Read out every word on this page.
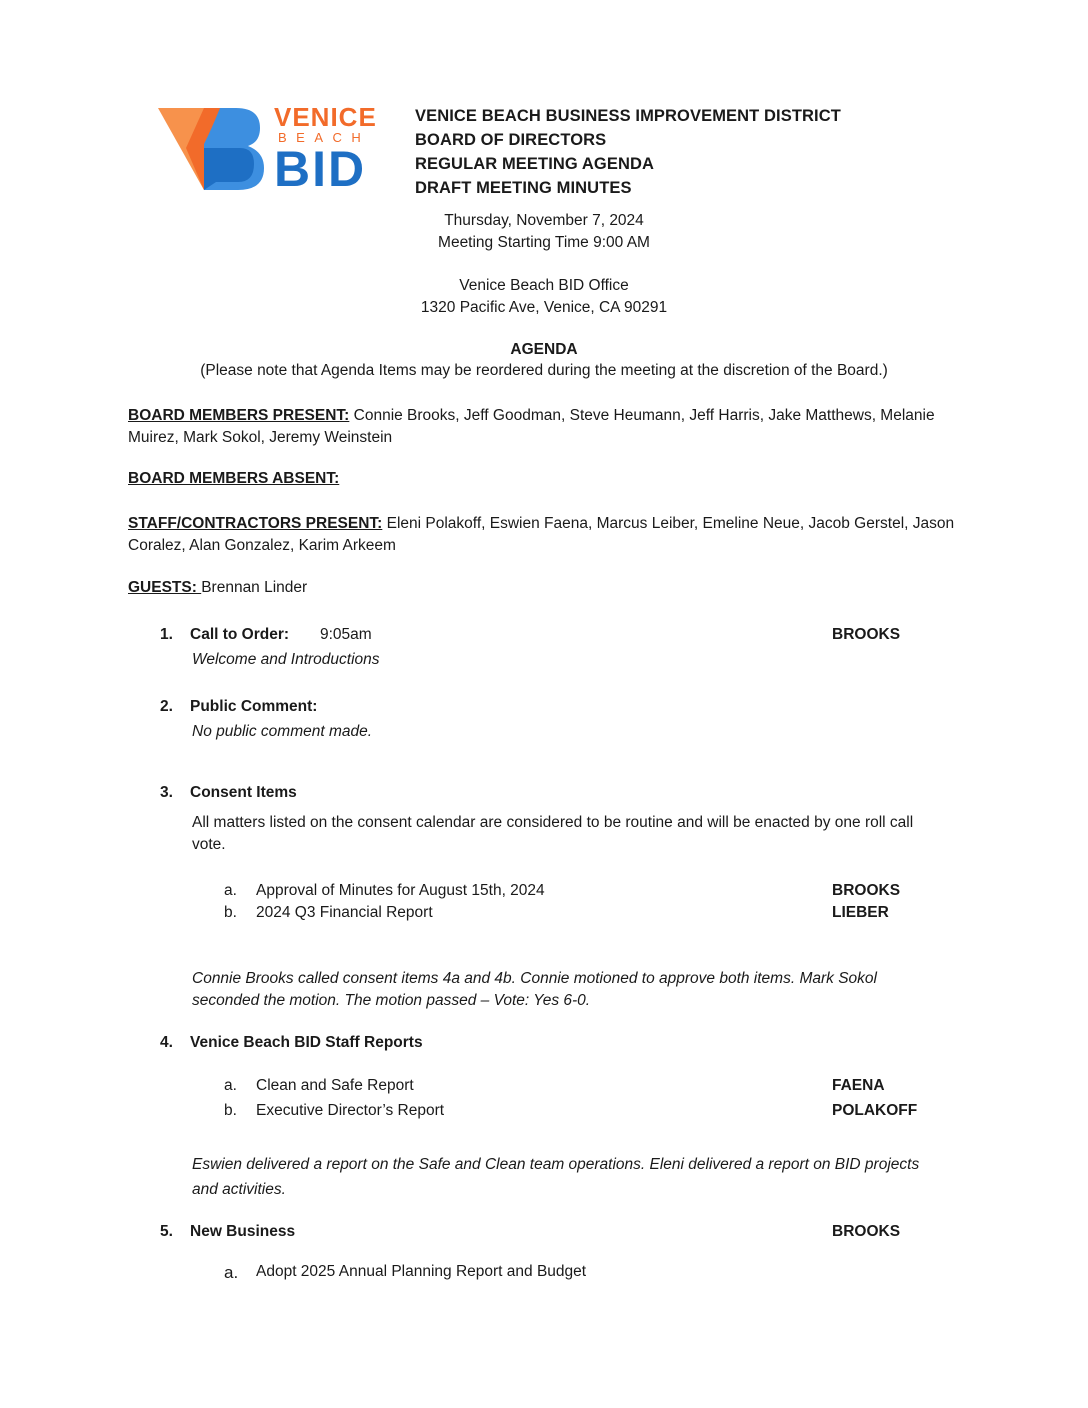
VENICE
BEACH
BID
VENICE BEACH BUSINESS IMPROVEMENT DISTRICT
BOARD OF DIRECTORS
REGULAR MEETING AGENDA
DRAFT MEETING MINUTES
Thursday, November 7, 2024
Meeting Starting Time 9:00 AM
Venice Beach BID Office
1320 Pacific Ave, Venice, CA 90291
AGENDA
(Please note that Agenda Items may be reordered during the meeting at the discretion of the Board.)
BOARD MEMBERS PRESENT: Connie Brooks, Jeff Goodman, Steve Heumann, Jeff Harris, Jake Matthews, Melanie
Muirez, Mark Sokol, Jeremy Weinstein
BOARD MEMBERS ABSENT:
STAFF/CONTRACTORS PRESENT: Eleni Polakoff, Eswien Faena, Marcus Leiber, Emeline Neue, Jacob Gerstel, Jason
Coralez, Alan Gonzalez, Karim Arkeem
GUESTS: Brennan Linder
1. Call to Order: 9:05am	BROOKS
Welcome and Introductions
2. Public Comment:
No public comment made.
3. Consent Items
All matters listed on the consent calendar are considered to be routine and will be enacted by one roll call
vote.
a. Approval of Minutes for August 15th, 2024	BROOKS
b. 2024 Q3 Financial Report	LIEBER
Connie Brooks called consent items 4a and 4b. Connie motioned to approve both items. Mark Sokol
seconded the motion. The motion passed – Vote: Yes 6-0.
4. Venice Beach BID Staff Reports
a. Clean and Safe Report	FAENA
b. Executive Director’s Report	POLAKOFF
Eswien delivered a report on the Safe and Clean team operations. Eleni delivered a report on BID projects
and activities.
5. New Business	BROOKS
a. Adopt 2025 Annual Planning Report and Budget
